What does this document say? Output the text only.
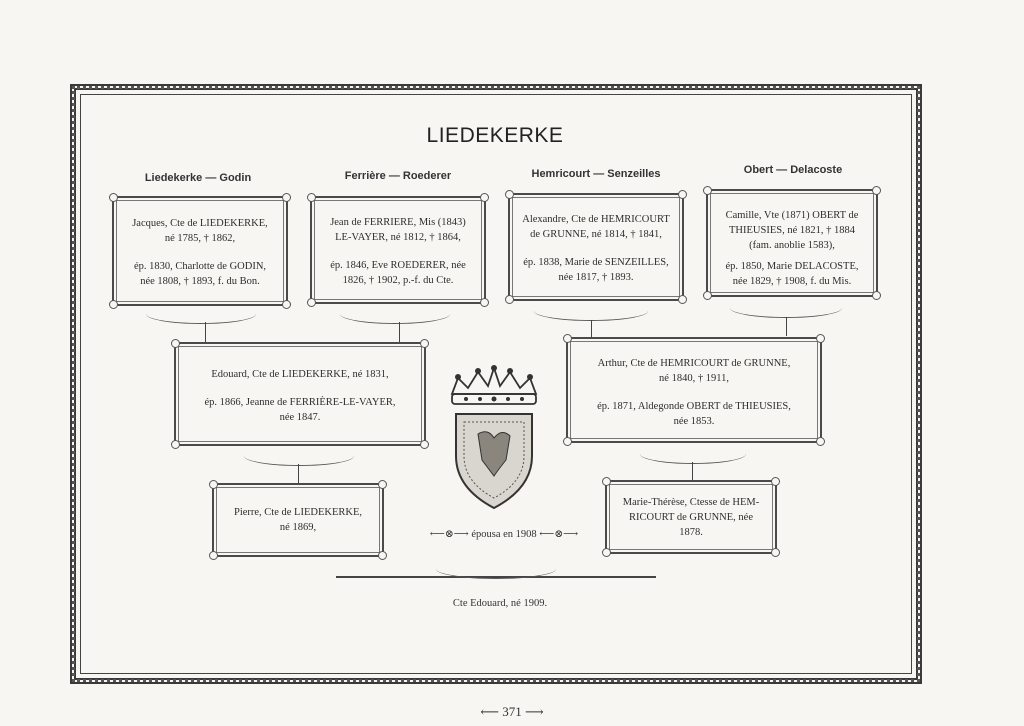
LIEDEKERKE
Liedekerke — Godin	Ferrière — Roederer	Hemricourt — Senzeilles	Obert — Delacoste

Jacques, Cte de LIEDEKERKE,

né 1785, † 1862,

ép. 1830, Charlotte de GODIN,

née 1808, † 1893, f. du Bon.

Jean de FERRIERE, Mis (1843)

LE-VAYER, né 1812, † 1864,

ép. 1846, Eve ROEDERER, née

1826, † 1902, p.-f. du Cte.

Alexandre, Cte de HEMRICOURT

de GRUNNE, né 1814, † 1841,

ép. 1838, Marie de SENZEILLES,

née 1817, † 1893.

Camille, Vte (1871) OBERT de

THIEUSIES, né 1821, † 1884

(fam. anoblie 1583),

ép. 1850, Marie DELACOSTE,

née 1829, † 1908, f. du Mis.

Edouard, Cte de LIEDEKERKE, né 1831,

ép. 1866, Jeanne de FERRIÈRE-LE-VAYER,

née 1847.

Arthur, Cte de HEMRICOURT de GRUNNE,

né 1840, † 1911,

ép. 1871, Aldegonde OBERT de THIEUSIES,

née 1853.

Pierre, Cte de LIEDEKERKE,

né 1869,

⟵⊗⟶ épousa en 1908 ⟵⊗⟶

Marie-Thérèse, Ctesse de HEM-

RICOURT de GRUNNE, née

1878.

Cte Edouard, né 1909.
⟵ 371 ⟶
